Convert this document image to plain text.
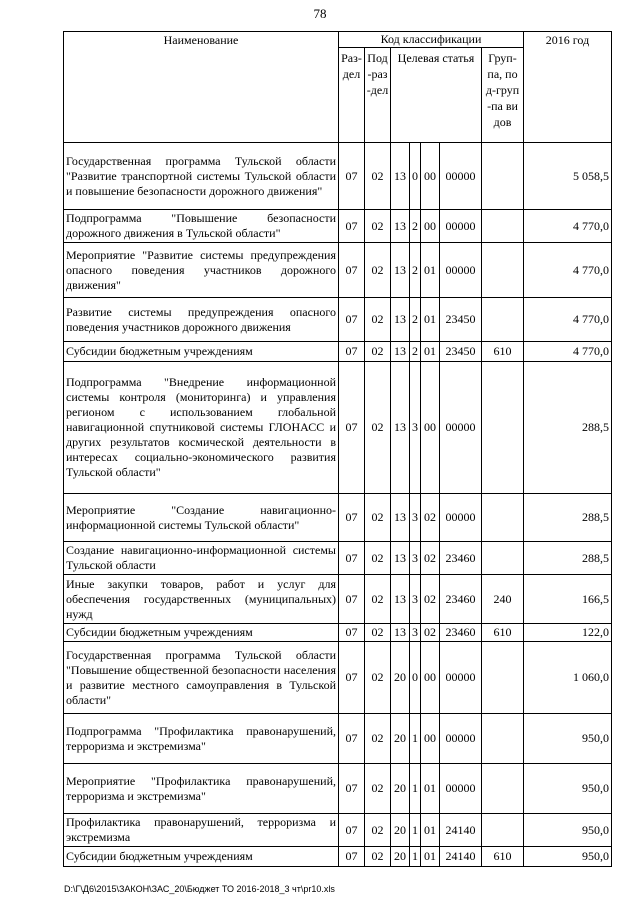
78
Наименование	Код классификации							2016 год

	Раз-дел	Под-раз-дел	Целевая статья				Груп-па, под-груп-па видов	

Государственная программа Тульской области "Развитие транспортной системы Тульской области и повышение безопасности дорожного движения"	07	02	13	0	00	00000		5 058,5
Подпрограмма "Повышение безопасности дорожного движения в Тульской области"	07	02	13	2	00	00000		4 770,0
Мероприятие "Развитие системы предупреждения опасного поведения участников дорожного движения"	07	02	13	2	01	00000		4 770,0
Развитие системы предупреждения опасного поведения участников дорожного движения	07	02	13	2	01	23450		4 770,0
Субсидии бюджетным учреждениям	07	02	13	2	01	23450	610	4 770,0
Подпрограмма "Внедрение информационной системы контроля (мониторинга) и управления регионом с использованием глобальной навигационной спутниковой системы ГЛОНАСС и других результатов космической деятельности в интересах социально-экономического развития Тульской области"	07	02	13	3	00	00000		288,5
Мероприятие "Создание навигационно-информационной системы Тульской области"	07	02	13	3	02	00000		288,5
Создание навигационно-информационной системы Тульской области	07	02	13	3	02	23460		288,5
Иные закупки товаров, работ и услуг для обеспечения государственных (муниципальных) нужд	07	02	13	3	02	23460	240	166,5
Субсидии бюджетным учреждениям	07	02	13	3	02	23460	610	122,0
Государственная программа Тульской области "Повышение общественной безопасности населения и развитие местного самоуправления в Тульской области"	07	02	20	0	00	00000		1 060,0
Подпрограмма "Профилактика правонарушений, терроризма и экстремизма"	07	02	20	1	00	00000		950,0
Мероприятие "Профилактика правонарушений, терроризма и экстремизма"	07	02	20	1	01	00000		950,0
Профилактика правонарушений, терроризма и экстремизма	07	02	20	1	01	24140		950,0
Субсидии бюджетным учреждениям	07	02	20	1	01	24140	610	950,0
D:\Г\Д6\2015\ЗАКОН\ЗАС_20\Бюджет ТО 2016-2018_3 чт\pr10.xls
